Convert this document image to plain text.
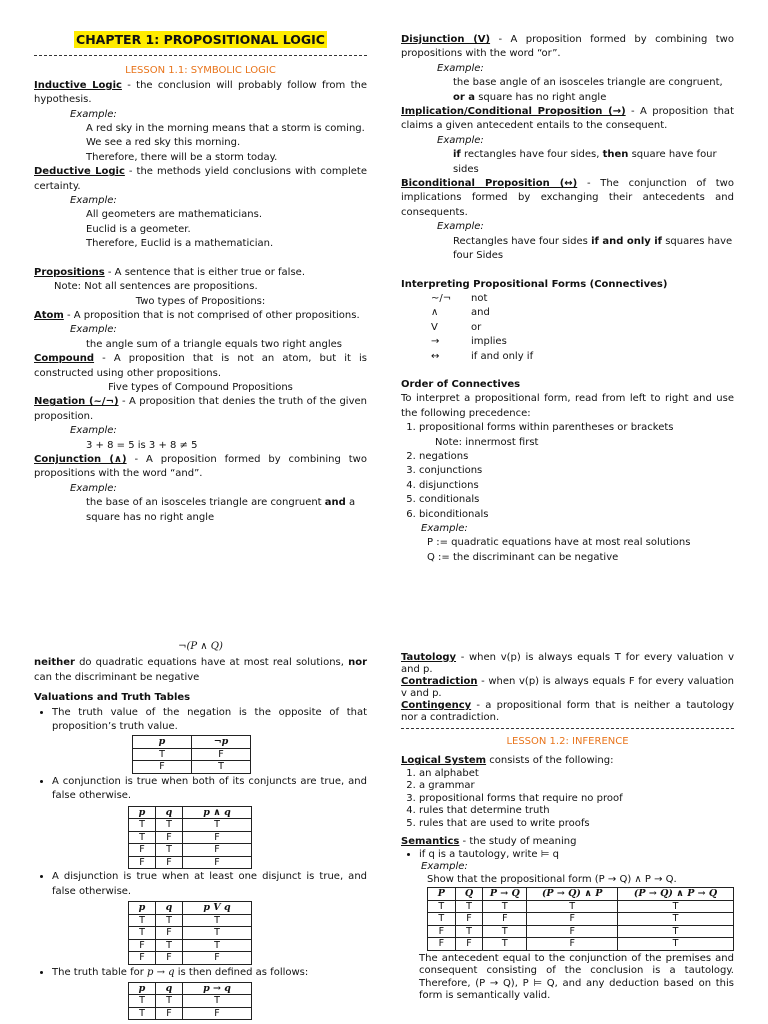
CHAPTER 1: PROPOSITIONAL LOGIC

LESSON 1.1: SYMBOLIC LOGIC

Inductive Logic - the conclusion will probably follow from the hypothesis.

Example:

A red sky in the morning means that a storm is coming.

We see a red sky this morning.

Therefore, there will be a storm today.

Deductive Logic - the methods yield conclusions with complete certainty.

Example:

All geometers are mathematicians.

Euclid is a geometer.

Therefore, Euclid is a mathematician.

Propositions - A sentence that is either true or false.

Note: Not all sentences are propositions.

Two types of Propositions:

Atom - A proposition that is not comprised of other propositions.

Example:

the angle sum of a triangle equals two right angles

Compound - A proposition that is not an atom, but it is constructed using other propositions.

Five types of Compound Propositions

Negation (~/¬) - A proposition that denies the truth of the given proposition.

Example:

3 + 8 = 5 is 3 + 8 ≠ 5

Conjunction (∧) - A proposition formed by combining two propositions with the word “and”.

Example:

the base of an isosceles triangle are congruent and a square has no right angle

Disjunction (V) - A proposition formed by combining two propositions with the word “or”.

Example:

the base angle of an isosceles triangle are congruent, or a square has no right angle

Implication/Conditional Proposition (→) - A proposition that claims a given antecedent entails to the consequent.

Example:

if rectangles have four sides, then square have four sides

Biconditional Proposition (↔) - The conjunction of two implications formed by exchanging their antecedents and consequents.

Example:

Rectangles have four sides if and only if squares have four Sides

Interpreting Propositional Forms (Connectives)

~/¬	not
∧	and
V	or
→	implies
↔	if and only if

Order of Connectives

To interpret a propositional form, read from left to right and use the following precedence:

1. propositional forms within parentheses or brackets
Note: innermost first
2. negations
3. conjunctions
4. disjunctions
5. conditionals
6. biconditionals

Example:

P := quadratic equations have at most real solutions

Q := the discriminant can be negative

¬(P ∧ Q)

neither do quadratic equations have at most real solutions, nor can the discriminant be negative

Valuations and Truth Tables

• The truth value of the negation is the opposite of that proposition’s truth value.
p	¬p
T	F
F	T
• A conjunction is true when both of its conjuncts are true, and false otherwise.
p	q	p ∧ q
T	T	T
T	F	F
F	T	F
F	F	F
• A disjunction is true when at least one disjunct is true, and false otherwise.
p	q	p V q
T	T	T
T	F	T
F	T	T
F	F	F
• The truth table for p → q is then defined as follows:
p	q	p → q
T	T	T
T	F	F

Tautology - when v(p) is always equals T for every valuation v and p.

Contradiction - when v(p) is always equals F for every valuation v and p.

Contingency - a propositional form that is neither a tautology nor a contradiction.

LESSON 1.2: INFERENCE

Logical System consists of the following:

1. an alphabet
2. a grammar
3. propositional forms that require no proof
4. rules that determine truth
5. rules that are used to write proofs

Semantics - the study of meaning

• if q is a tautology, write ⊨ q

Example:

Show that the propositional form (P → Q) ∧ P → Q.

P	Q	P → Q	(P → Q) ∧ P	(P → Q) ∧ P → Q
T	T	T	T	T
T	F	F	F	T
F	T	T	F	T
F	F	T	F	T

The antecedent equal to the conjunction of the premises and consequent consisting of the conclusion is a tautology. Therefore, (P → Q), P ⊨ Q, and any deduction based on this form is semantically valid.
